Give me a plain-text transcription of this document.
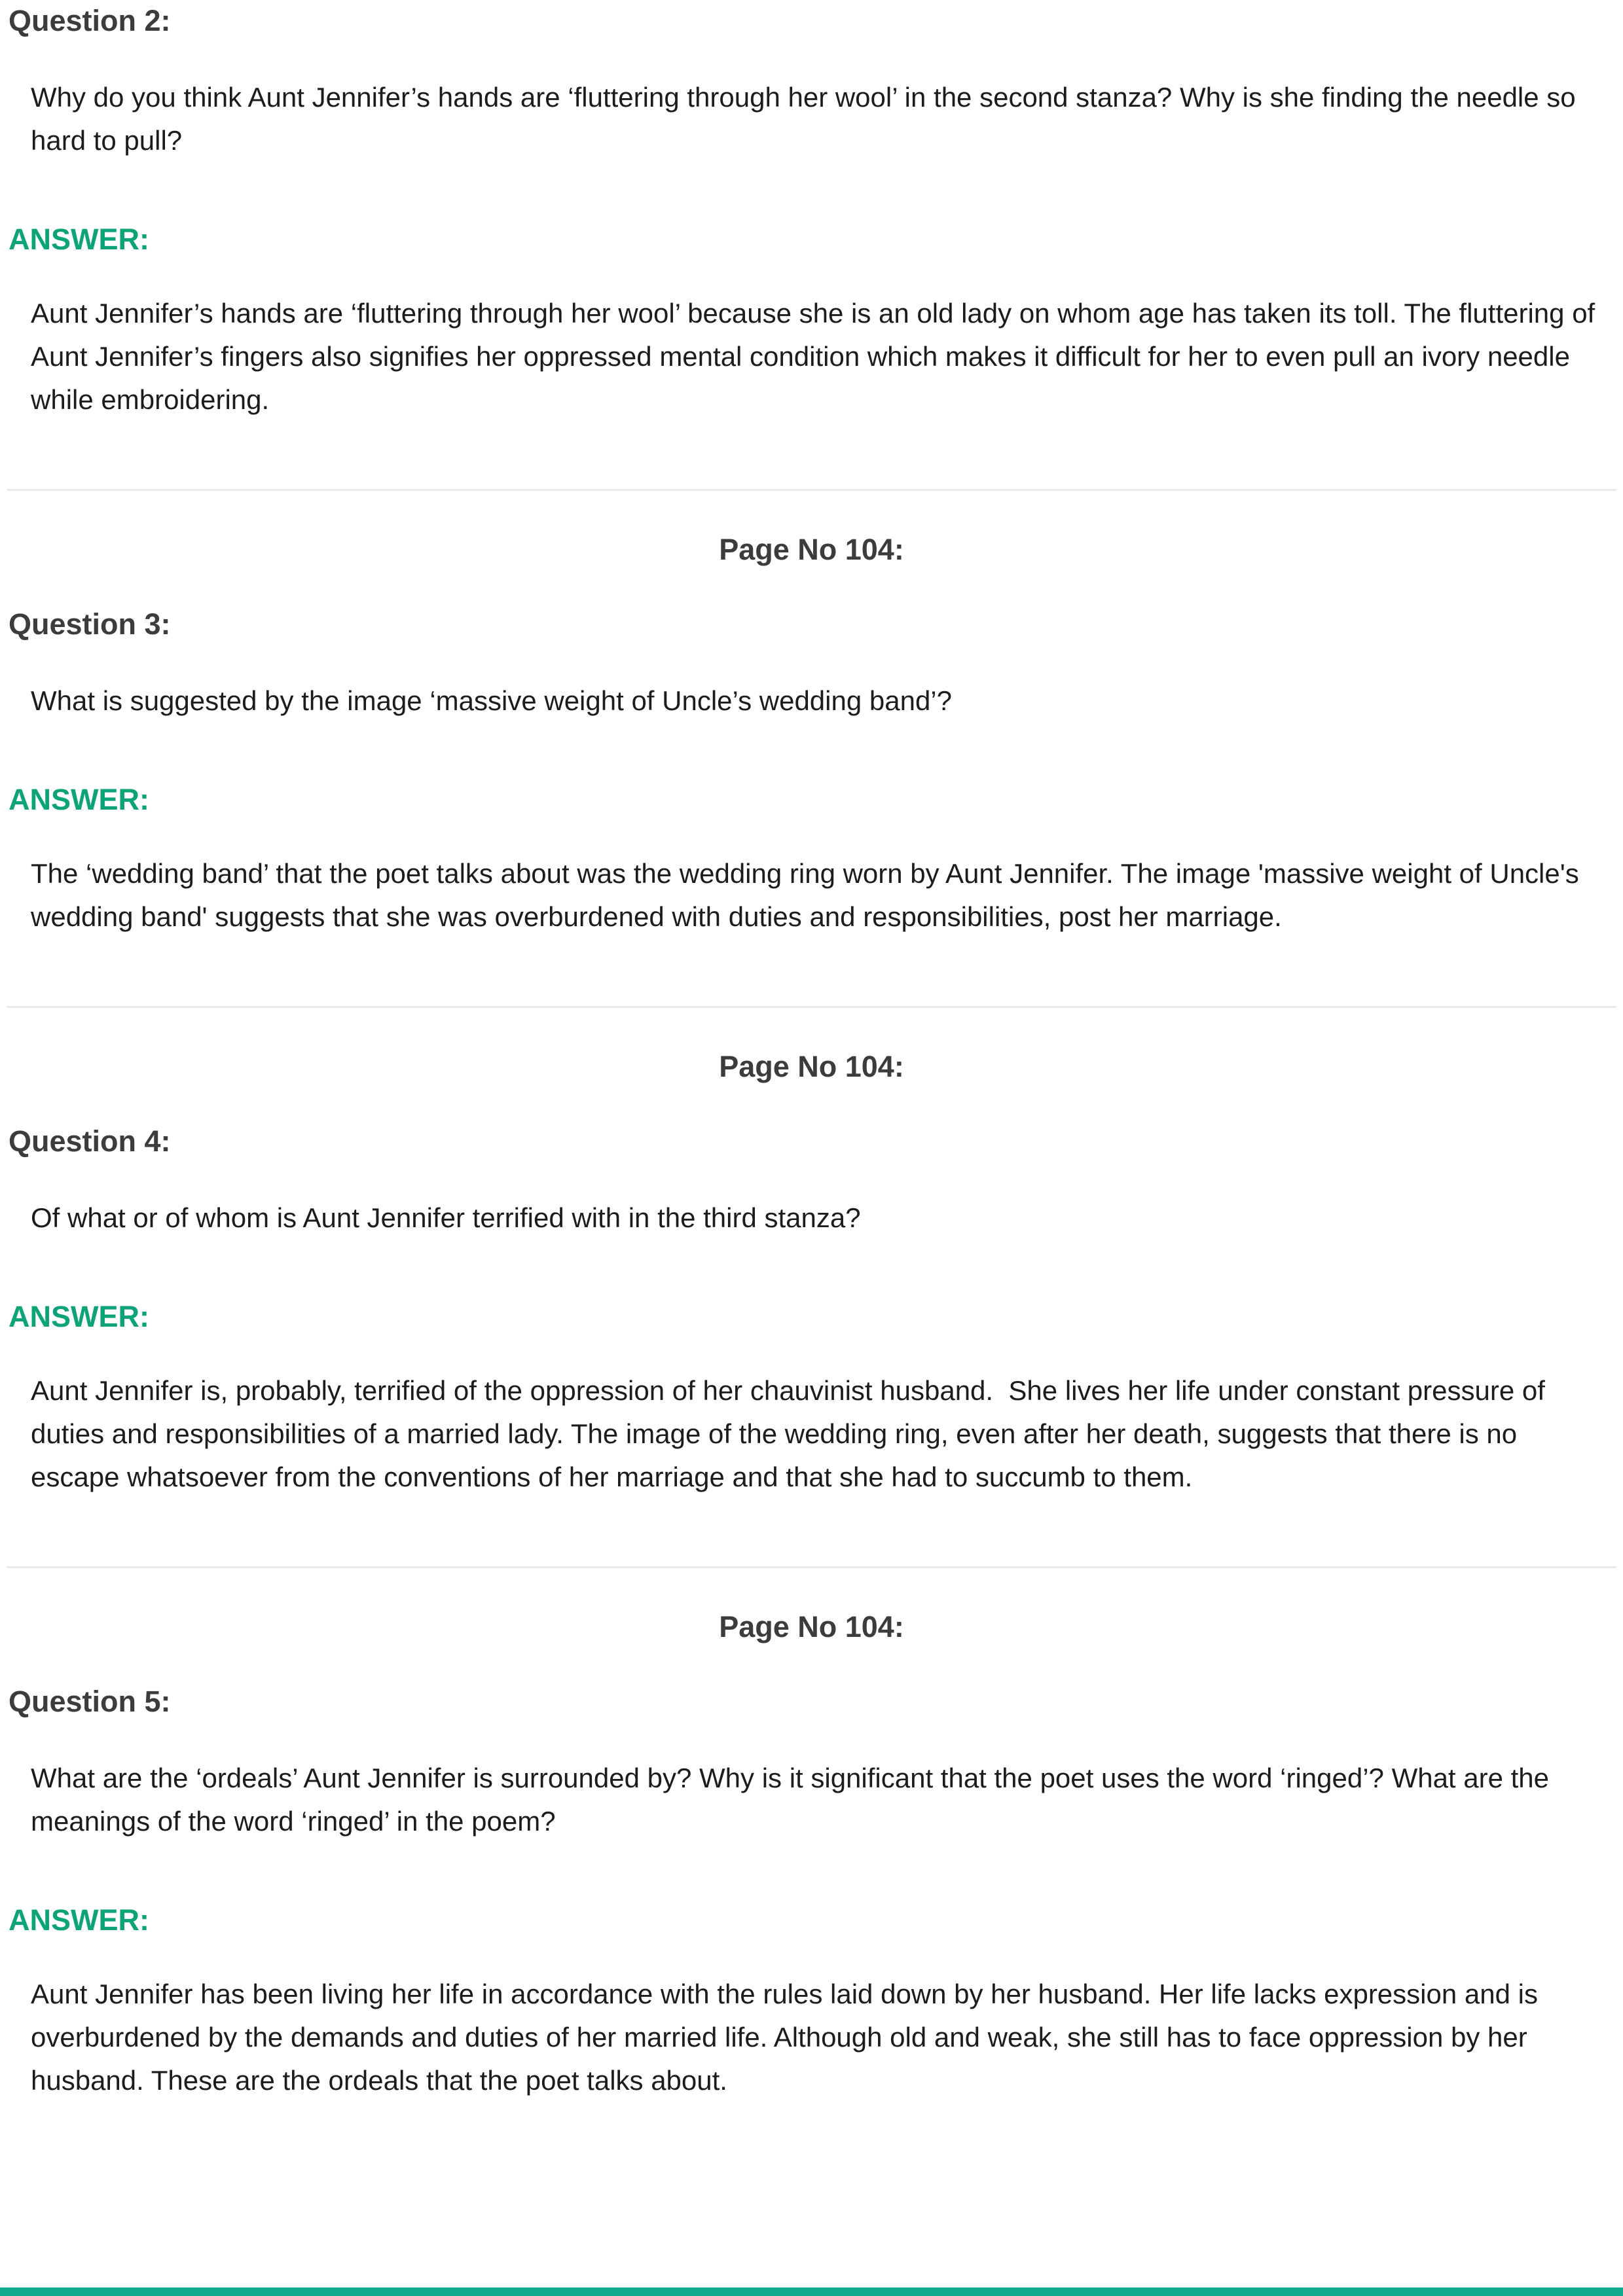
Question 2:

Why do you think Aunt Jennifer’s hands are ‘fluttering through her wool’ in the second stanza? Why is she finding the needle so hard to pull?

ANSWER:

Aunt Jennifer’s hands are ‘fluttering through her wool’ because she is an old lady on whom age has taken its toll. The fluttering of Aunt Jennifer’s fingers also signifies her oppressed mental condition which makes it difficult for her to even pull an ivory needle while embroidering.

Page No 104:
Question 3:

What is suggested by the image ‘massive weight of Uncle’s wedding band’?

ANSWER:

The ‘wedding band’ that the poet talks about was the wedding ring worn by Aunt Jennifer. The image 'massive weight of Uncle's wedding band' suggests that she was overburdened with duties and responsibilities, post her marriage.

Page No 104:
Question 4:

Of what or of whom is Aunt Jennifer terrified with in the third stanza?

ANSWER:

Aunt Jennifer is, probably, terrified of the oppression of her chauvinist husband.  She lives her life under constant pressure of duties and responsibilities of a married lady. The image of the wedding ring, even after her death, suggests that there is no escape whatsoever from the conventions of her marriage and that she had to succumb to them.

Page No 104:
Question 5:

What are the ‘ordeals’ Aunt Jennifer is surrounded by? Why is it significant that the poet uses the word ‘ringed’? What are the meanings of the word ‘ringed’ in the poem?

ANSWER:

Aunt Jennifer has been living her life in accordance with the rules laid down by her husband. Her life lacks expression and is overburdened by the demands and duties of her married life. Although old and weak, she still has to face oppression by her husband. These are the ordeals that the poet talks about.
